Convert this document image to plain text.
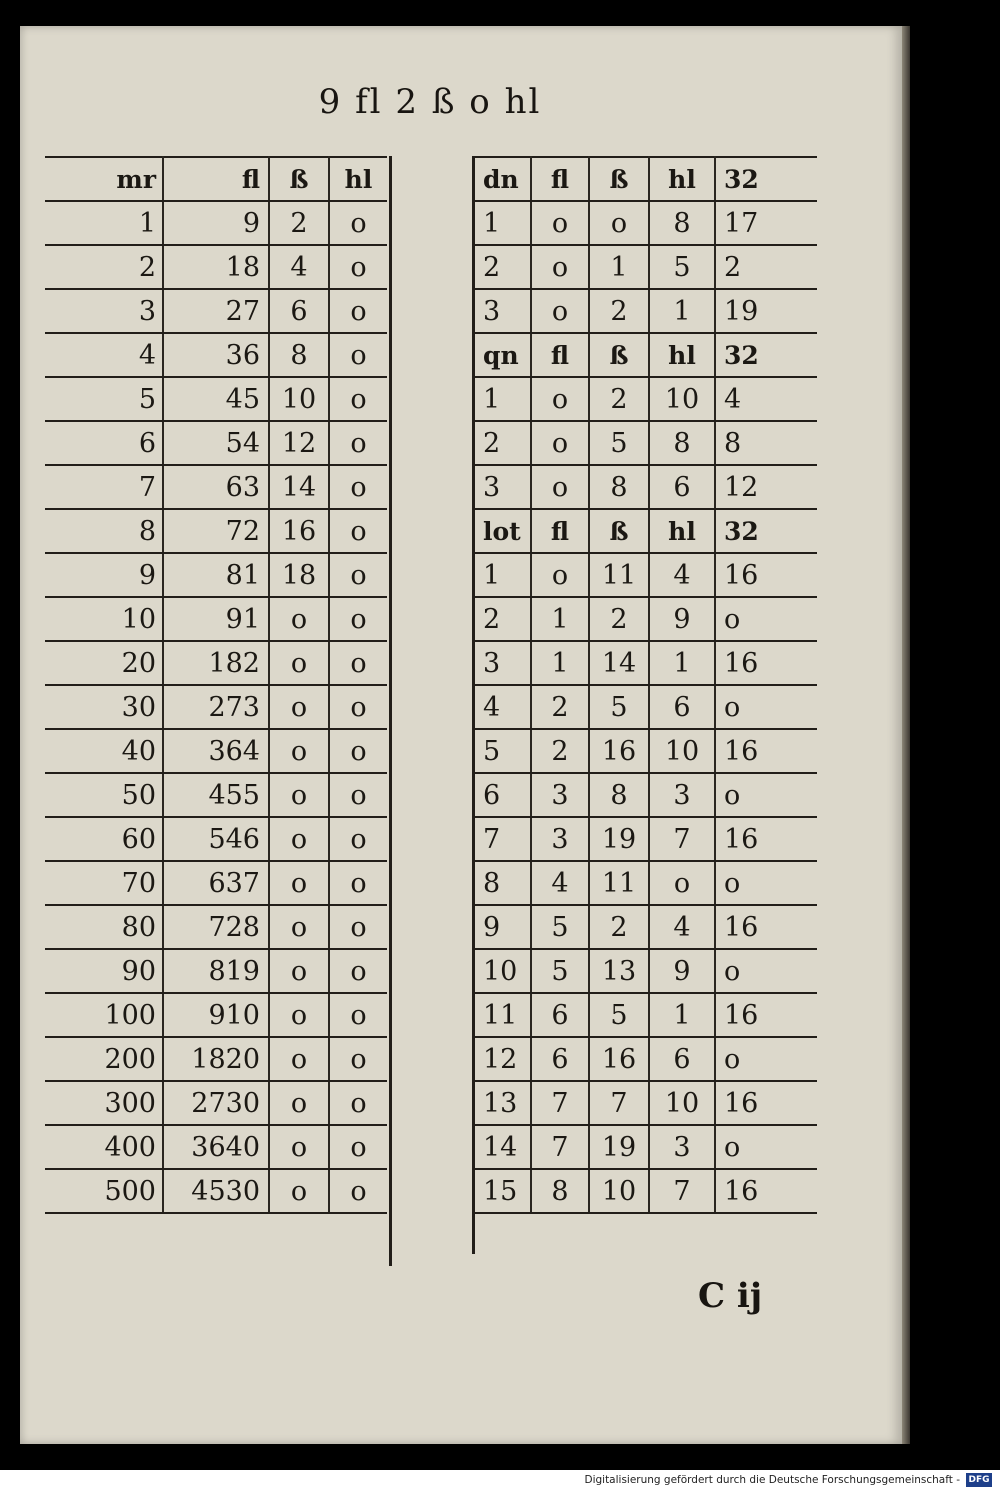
9 fl 2 ß o hl
mr	fl	ß	hl
1	9	2	o
2	18	4	o
3	27	6	o
4	36	8	o
5	45	10	o
6	54	12	o
7	63	14	o
8	72	16	o
9	81	18	o
10	91	o	o
20	182	o	o
30	273	o	o
40	364	o	o
50	455	o	o
60	546	o	o
70	637	o	o
80	728	o	o
90	819	o	o
100	910	o	o
200	1820	o	o
300	2730	o	o
400	3640	o	o
500	4530	o	o
dn	fl	ß	hl	32
1	o	o	8	17
2	o	1	5	2
3	o	2	1	19
qn	fl	ß	hl	32
1	o	2	10	4
2	o	5	8	8
3	o	8	6	12
lot	fl	ß	hl	32
1	o	11	4	16
2	1	2	9	o
3	1	14	1	16
4	2	5	6	o
5	2	16	10	16
6	3	8	3	o
7	3	19	7	16
8	4	11	o	o
9	5	2	4	16
10	5	13	9	o
11	6	5	1	16
12	6	16	6	o
13	7	7	10	16
14	7	19	3	o
15	8	10	7	16
C ij
Digitalisierung gefördert durch die Deutsche Forschungsgemeinschaft - DFG
